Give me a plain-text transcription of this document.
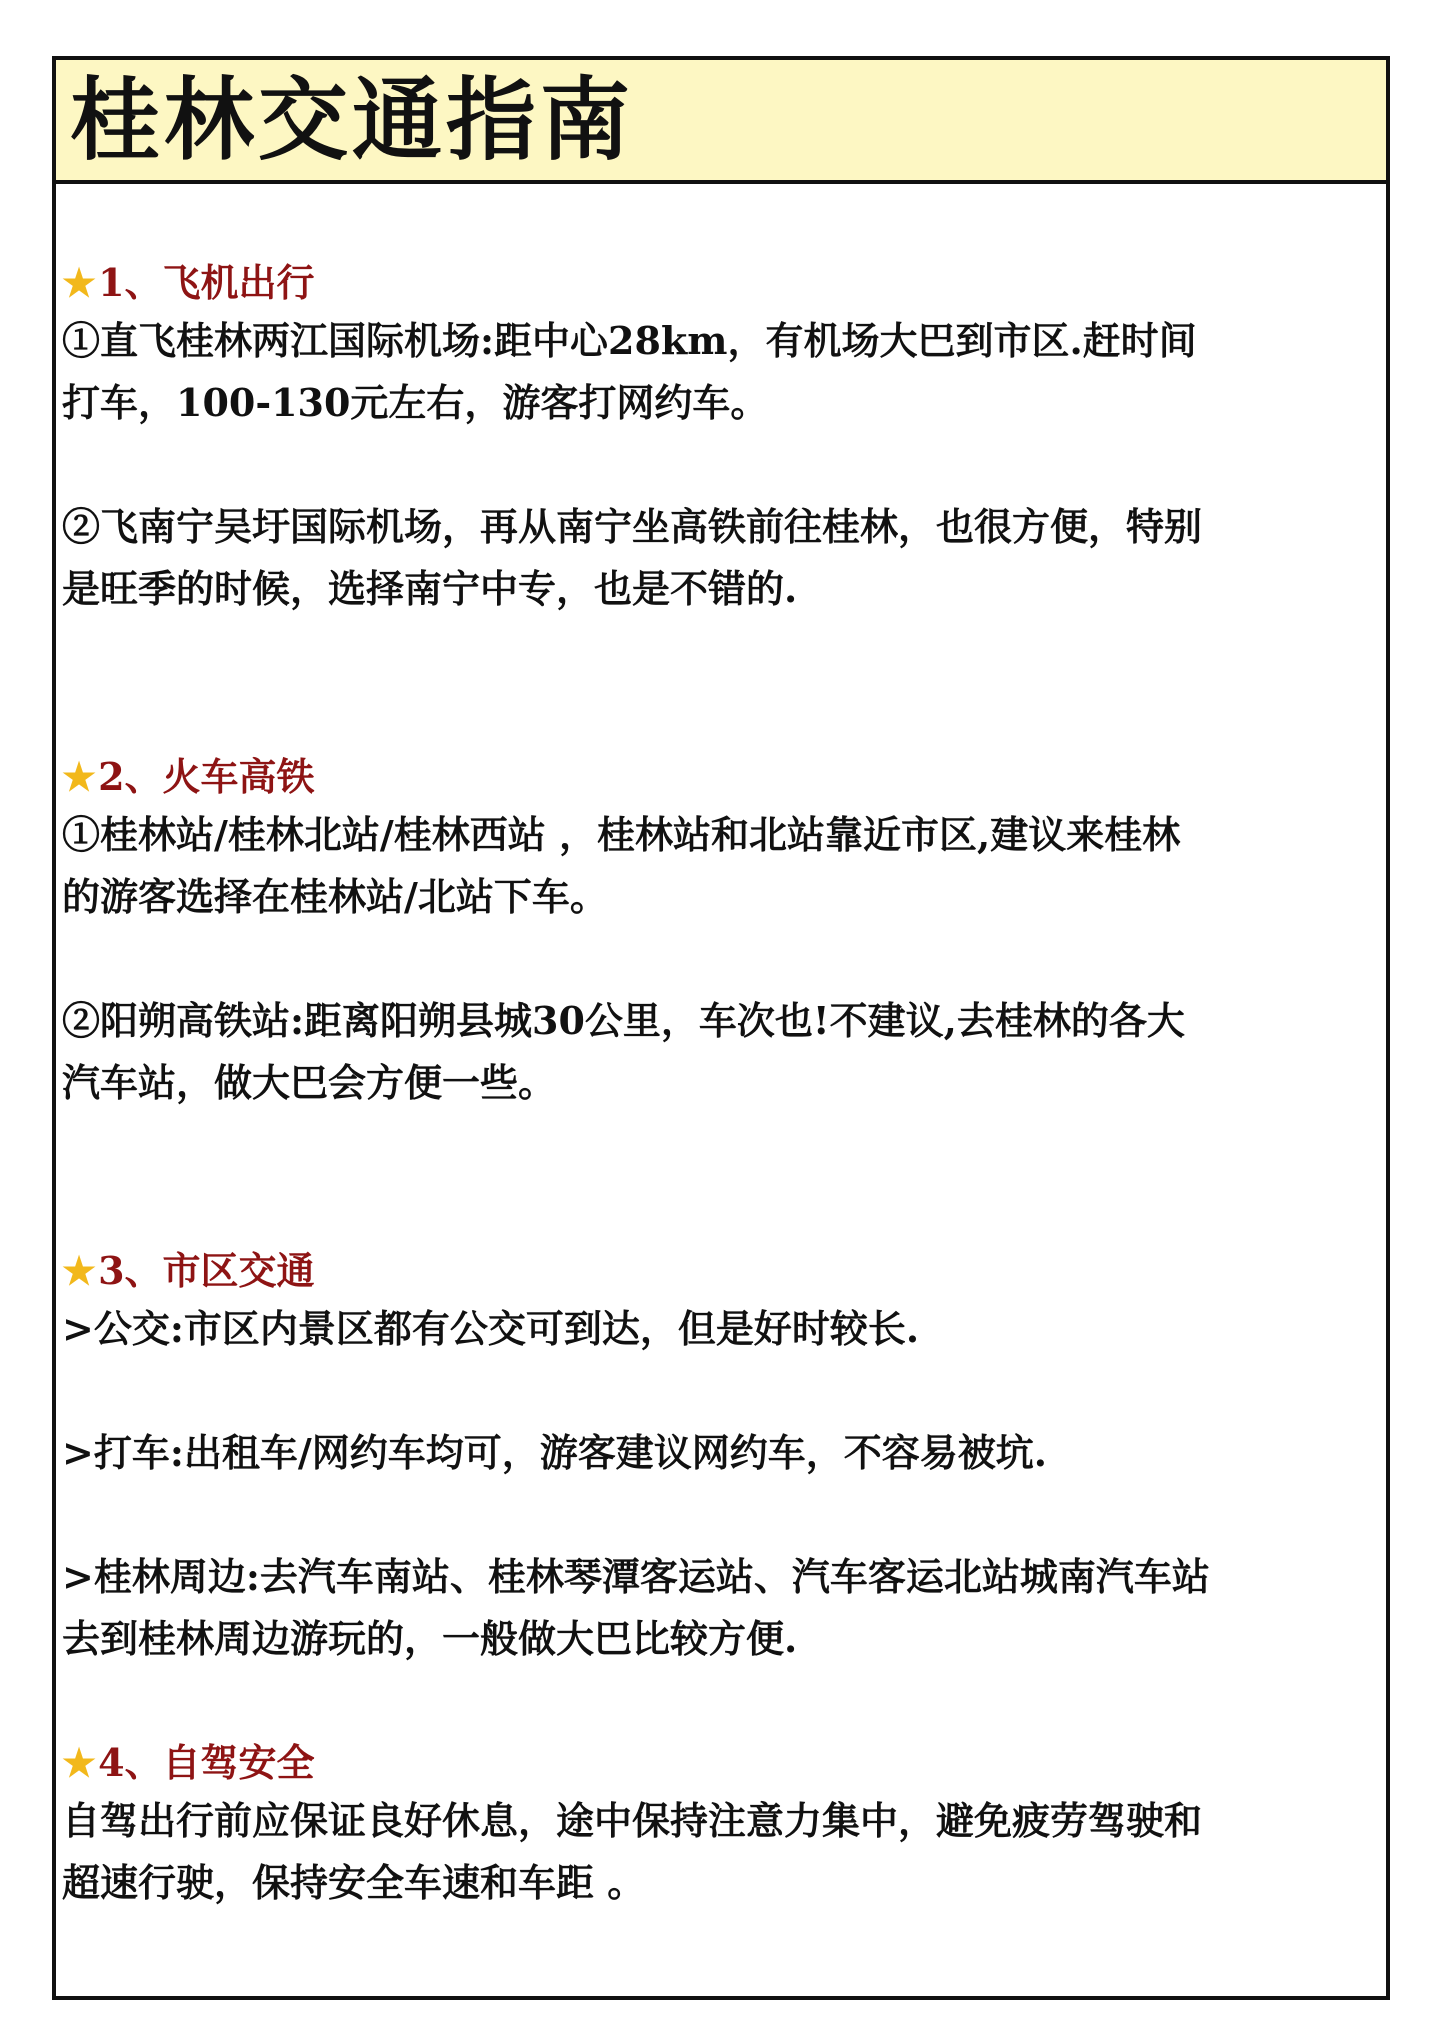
桂林交通指南
★1、飞机出行

①直飞桂林两江国际机场:距中心28km，有机场大巴到市区.赶时间

打车，100-130元左右，游客打网约车。

②飞南宁吴圩国际机场，再从南宁坐高铁前往桂林，也很方便，特别

是旺季的时候，选择南宁中专，也是不错的.

★2、火车高铁

①桂林站/桂林北站/桂林西站 ，桂林站和北站靠近市区,建议来桂林

的游客选择在桂林站/北站下车。

②阳朔高铁站:距离阳朔县城30公里，车次也!不建议,去桂林的各大

汽车站，做大巴会方便一些。

★3、市区交通

>公交:市区内景区都有公交可到达，但是好时较长.

>打车:出租车/网约车均可，游客建议网约车，不容易被坑.

>桂林周边:去汽车南站、桂林琴潭客运站、汽车客运北站城南汽车站

去到桂林周边游玩的，一般做大巴比较方便.

★4、自驾安全

自驾出行前应保证良好休息，途中保持注意力集中，避免疲劳驾驶和

超速行驶，保持安全车速和车距 。
